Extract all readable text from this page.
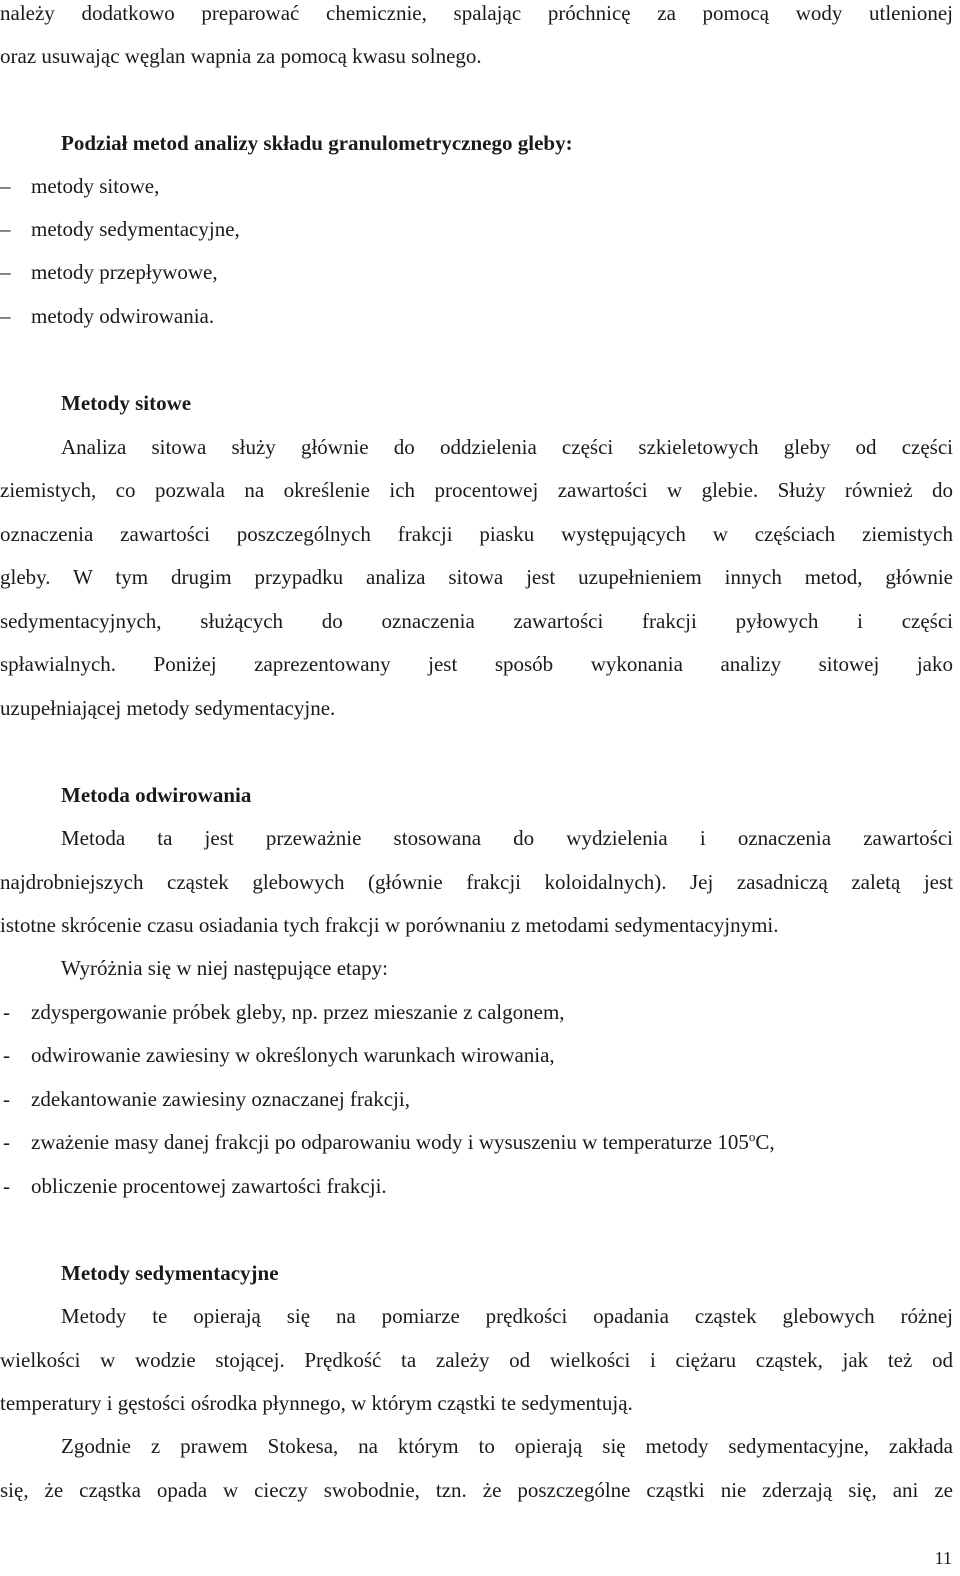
należy dodatkowo preparować chemicznie, spalając próchnicę za pomocą wody utlenionej
oraz usuwając węglan wapnia za pomocą kwasu solnego.
Podział metod analizy składu granulometrycznego gleby:
– metody sitowe,
– metody sedymentacyjne,
– metody przepływowe,
– metody odwirowania.
Metody sitowe
Analiza sitowa służy głównie do oddzielenia części szkieletowych gleby od części
ziemistych, co pozwala na określenie ich procentowej zawartości w glebie. Służy również do
oznaczenia zawartości poszczególnych frakcji piasku występujących w częściach ziemistych
gleby. W tym drugim przypadku analiza sitowa jest uzupełnieniem innych metod, głównie
sedymentacyjnych, służących do oznaczenia zawartości frakcji pyłowych i części
spławialnych. Poniżej zaprezentowany jest sposób wykonania analizy sitowej jako
uzupełniającej metody sedymentacyjne.
Metoda odwirowania
Metoda ta jest przeważnie stosowana do wydzielenia i oznaczenia zawartości
najdrobniejszych cząstek glebowych (głównie frakcji koloidalnych). Jej zasadniczą zaletą jest
istotne skrócenie czasu osiadania tych frakcji w porównaniu z metodami sedymentacyjnymi.
Wyróżnia się w niej następujące etapy:
- zdyspergowanie próbek gleby, np. przez mieszanie z calgonem,
- odwirowanie zawiesiny w określonych warunkach wirowania,
- zdekantowanie zawiesiny oznaczanej frakcji,
- zważenie masy danej frakcji po odparowaniu wody i wysuszeniu w temperaturze 105$^o$C,
- obliczenie procentowej zawartości frakcji.
Metody sedymentacyjne
Metody te opierają się na pomiarze prędkości opadania cząstek glebowych różnej
wielkości w wodzie stojącej. Prędkość ta zależy od wielkości i ciężaru cząstek, jak też od
temperatury i gęstości ośrodka płynnego, w którym cząstki te sedymentują.
Zgodnie z prawem Stokesa, na którym to opierają się metody sedymentacyjne, zakłada
się, że cząstka opada w cieczy swobodnie, tzn. że poszczególne cząstki nie zderzają się, ani ze
11
